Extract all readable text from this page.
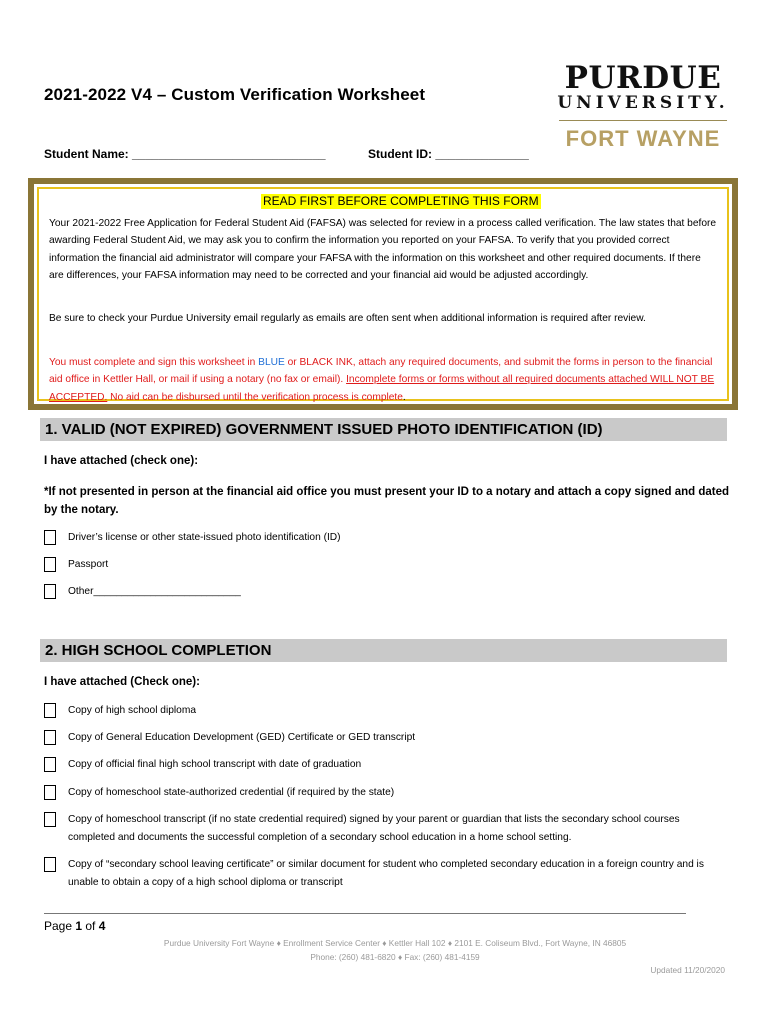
2021-2022 V4 – Custom Verification Worksheet	PURDUE
UNIVERSITY.
FORT WAYNE
Student Name: _____________________________	Student ID: ______________
READ FIRST BEFORE COMPLETING THIS FORM

Your 2021-2022 Free Application for Federal Student Aid (FAFSA) was selected for review in a process called verification. The law states that before awarding Federal Student Aid, we may ask you to confirm the information you reported on your FAFSA. To verify that you provided correct information the financial aid administrator will compare your FAFSA with the information on this worksheet and other required documents. If there are differences, your FAFSA information may need to be corrected and your financial aid would be adjusted accordingly.

Be sure to check your Purdue University email regularly as emails are often sent when additional information is required after review.

You must complete and sign this worksheet in BLUE or BLACK INK, attach any required documents, and submit the forms in person to the financial aid office in Kettler Hall, or mail if using a notary (no fax or email). Incomplete forms or forms without all required documents attached WILL NOT BE ACCEPTED. No aid can be disbursed until the verification process is complete.

1. VALID (NOT EXPIRED) GOVERNMENT ISSUED PHOTO IDENTIFICATION (ID)
I have attached (check one):
*If not presented in person at the financial aid office you must present your ID to a notary and attach a copy signed and dated by the notary.
Driver’s license or other state-issued photo identification (ID)
Passport
Other__________________________
2. HIGH SCHOOL COMPLETION
I have attached (Check one):
Copy of high school diploma
Copy of General Education Development (GED) Certificate or GED transcript
Copy of official final high school transcript with date of graduation
Copy of homeschool state-authorized credential (if required by the state)
Copy of homeschool transcript (if no state credential required) signed by your parent or guardian that lists the secondary school courses completed and documents the successful completion of a secondary school education in a home school setting.
Copy of “secondary school leaving certificate” or similar document for student who completed secondary education in a foreign country and is unable to obtain a copy of a high school diploma or transcript
Page 1 of 4
Purdue University Fort Wayne ♦ Enrollment Service Center ♦ Kettler Hall 102 ♦ 2101 E. Coliseum Blvd., Fort Wayne, IN 46805
Phone: (260) 481-6820 ♦ Fax: (260) 481-4159
Updated 11/20/2020
